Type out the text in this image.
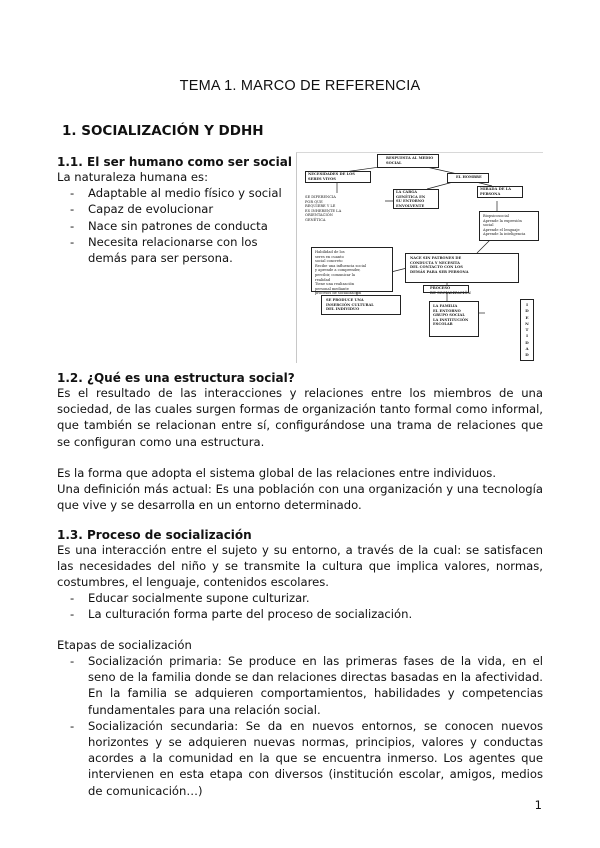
TEMA 1. MARCO DE REFERENCIA
1. SOCIALIZACIÓN Y DDHH
1.1. El ser humano como ser social
La naturaleza humana es:
- Adaptable al medio físico y social
- Capaz de evolucionar
- Nace sin patrones de conducta
- Necesita relacionarse con los demás para ser persona.
RESPUESTA AL MEDIO
SOCIAL
NECESIDADES DE LOS
SERES VIVOS
SE DIFERENCIA
POR QUE
REQUIERE Y LE
ES INHERENTE LA
ORIENTACIÓN
GENÉTICA
EL HOMBRE
LA CARGA
GENÉTICA EN
SU ENTORNO
ENVOLVENTE
MIRADA DE LA
PERSONA
Biopsicosocial
Aprende la expresión
social
Aprende el lenguaje
Aprende la inteligencia
Habilidad de los
seres en cuanto
social concreto
Recibe una influencia social
y aprende a comprender,
percibir, comunicar la
realidad
Tiene una realización
personal mediante
procesos de socialización
NACE SIN PATRONES DE
CONDUCTA Y NECESITA
DEL CONTACTO CON LOS
DEMÁS PARA SER PERSONA
PROCESO
DE SOCIALIZACIÓN
LA FAMILIA
EL ENTORNO
GRUPO SOCIAL
LA INSTITUCIÓN
ESCOLAR
SE PRODUCE UNA
INSERCIÓN CULTURAL
DEL INDIVIDUO
I
D
E
N
T
I
D
A
D
1.2. ¿Qué es una estructura social?
Es el resultado de las interacciones y relaciones entre los miembros de una sociedad, de las cuales surgen formas de organización tanto formal como informal, que también se relacionan entre sí, configurándose una trama de relaciones que se configuran como una estructura.
Es la forma que adopta el sistema global de las relaciones entre individuos.
Una definición más actual: Es una población con una organización y una tecnología que vive y se desarrolla en un entorno determinado.
1.3. Proceso de socialización
Es una interacción entre el sujeto y su entorno, a través de la cual: se satisfacen las necesidades del niño y se transmite la cultura que implica valores, normas, costumbres, el lenguaje, contenidos escolares.
- Educar socialmente supone culturizar.
- La culturación forma parte del proceso de socialización.
Etapas de socialización
- Socialización primaria: Se produce en las primeras fases de la vida, en el seno de la familia donde se dan relaciones directas basadas en la afectividad. En la familia se adquieren comportamientos, habilidades y competencias fundamentales para una relación social.
- Socialización secundaria: Se da en nuevos entornos, se conocen nuevos horizontes y se adquieren nuevas normas, principios, valores y conductas acordes a la comunidad en la que se encuentra inmerso. Los agentes que intervienen en esta etapa con diversos (institución escolar, amigos, medios de comunicación…)
1
